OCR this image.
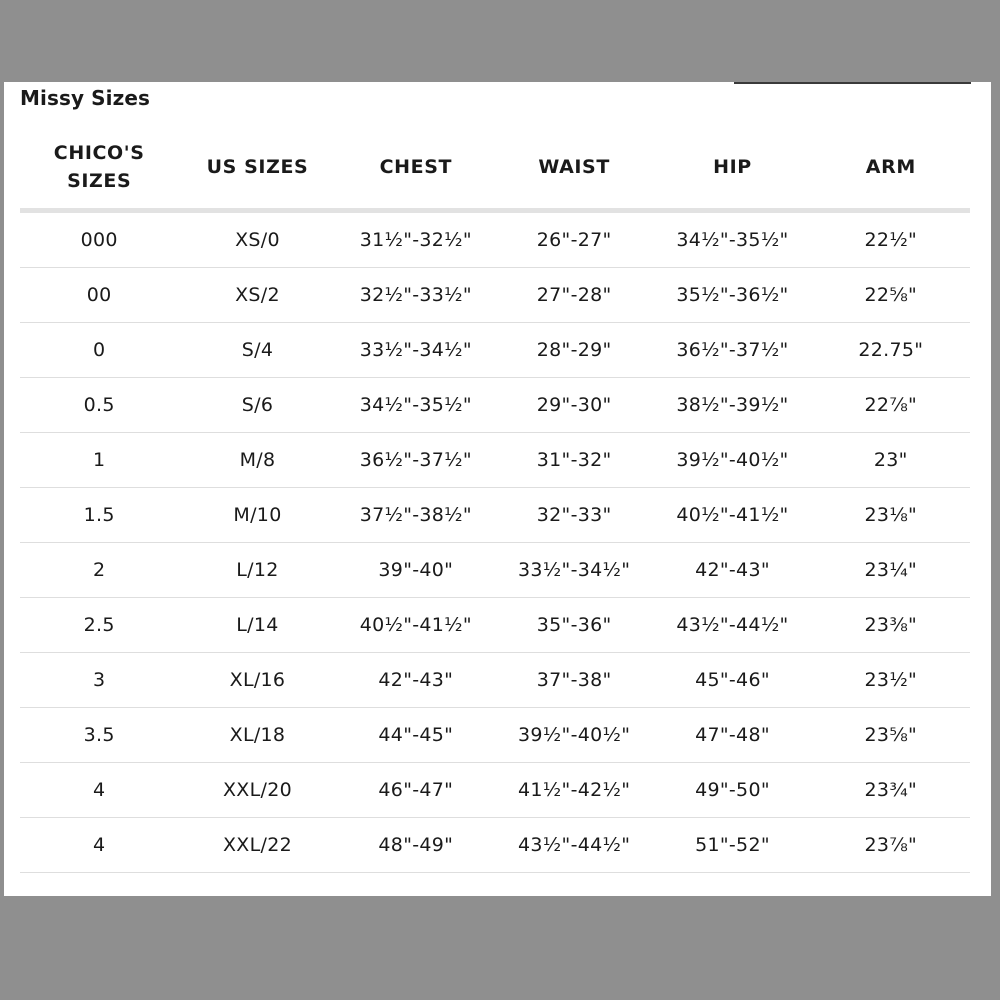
Missy Sizes
CHICO'S
SIZES	US SIZES	CHEST	WAIST	HIP	ARM
000	XS/0	31½"-32½"	26"-27"	34½"-35½"	22½"
00	XS/2	32½"-33½"	27"-28"	35½"-36½"	22⅝"
0	S/4	33½"-34½"	28"-29"	36½"-37½"	22.75"
0.5	S/6	34½"-35½"	29"-30"	38½"-39½"	22⅞"
1	M/8	36½"-37½"	31"-32"	39½"-40½"	23"
1.5	M/10	37½"-38½"	32"-33"	40½"-41½"	23⅛"
2	L/12	39"-40"	33½"-34½"	42"-43"	23¼"
2.5	L/14	40½"-41½"	35"-36"	43½"-44½"	23⅜"
3	XL/16	42"-43"	37"-38"	45"-46"	23½"
3.5	XL/18	44"-45"	39½"-40½"	47"-48"	23⅝"
4	XXL/20	46"-47"	41½"-42½"	49"-50"	23¾"
4	XXL/22	48"-49"	43½"-44½"	51"-52"	23⅞"
